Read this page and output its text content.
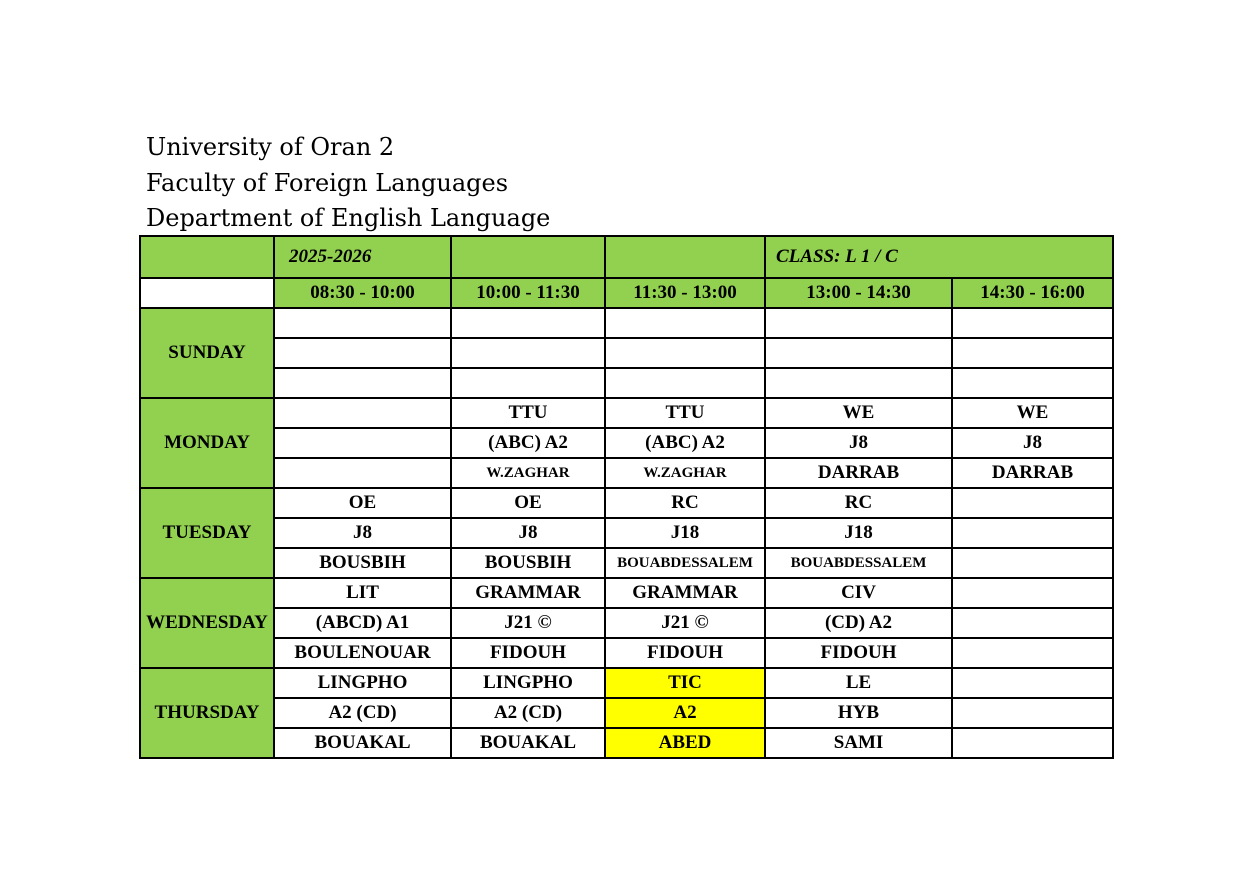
University of Oran 2
Faculty of Foreign Languages
Department of English Language
	2025-2026			CLASS: L 1 / C	
	08:30 - 10:00	10:00 - 11:30	11:30 - 13:00	13:00 - 14:30	14:30 - 16:00
SUNDAY					

MONDAY		TTU	TTU	WE	WE
		(ABC) A2	(ABC) A2	J8	J8
		W.ZAGHAR	W.ZAGHAR	DARRAB	DARRAB
TUESDAY	OE	OE	RC	RC	
	J8	J8	J18	J18	
	BOUSBIH	BOUSBIH	BOUABDESSALEM	BOUABDESSALEM	
WEDNESDAY	LIT	GRAMMAR	GRAMMAR	CIV	
	(ABCD) A1	J21 ©	J21 ©	(CD) A2	
	BOULENOUAR	FIDOUH	FIDOUH	FIDOUH	
THURSDAY	LINGPHO	LINGPHO	TIC	LE	
	A2 (CD)	A2 (CD)	A2	HYB	
	BOUAKAL	BOUAKAL	ABED	SAMI	
